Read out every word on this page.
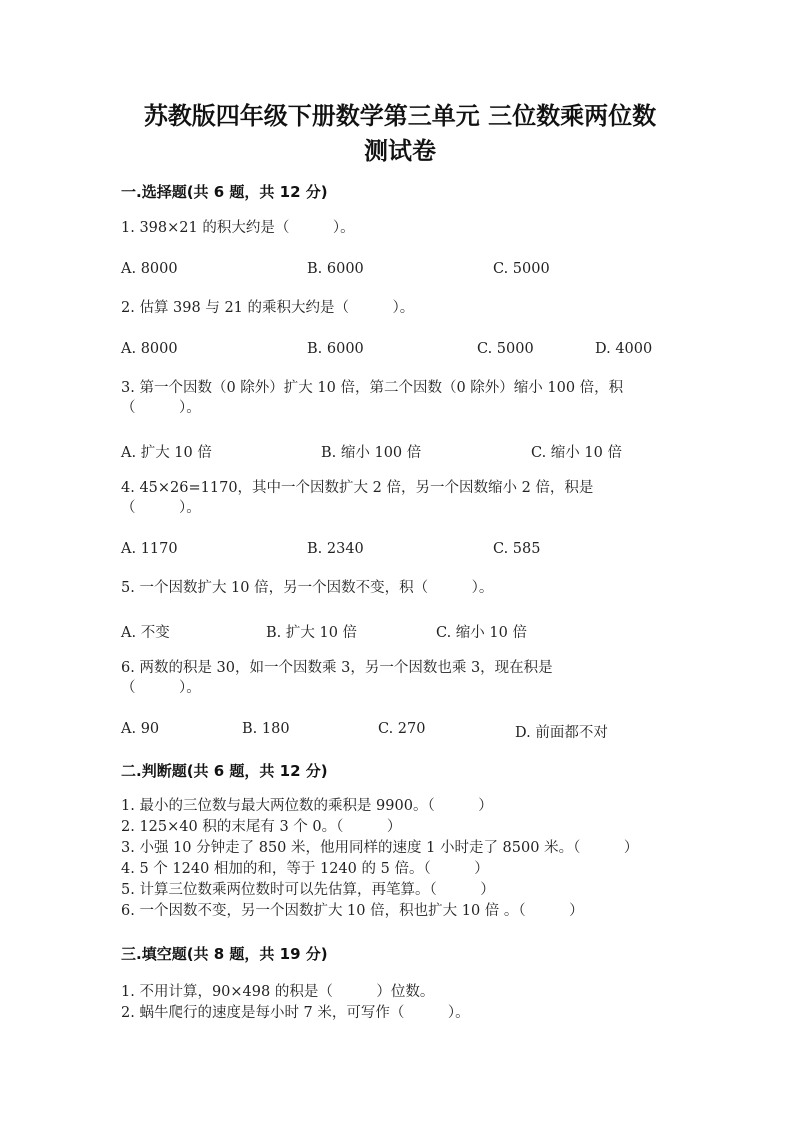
苏教版四年级下册数学第三单元 三位数乘两位数
测试卷
一.选择题(共 6 题，共 12 分)
1. 398×21 的积大约是（　　　）。
A. 8000	B. 6000	C. 5000
2. 估算 398 与 21 的乘积大约是（　　　）。
A. 8000	B. 6000	C. 5000	D. 4000
3. 第一个因数（0 除外）扩大 10 倍，第二个因数（0 除外）缩小 100 倍，积
（　　　）。
A. 扩大 10 倍	B. 缩小 100 倍	C. 缩小 10 倍
4. 45×26=1170，其中一个因数扩大 2 倍，另一个因数缩小 2 倍，积是
（　　　）。
A. 1170	B. 2340	C. 585
5. 一个因数扩大 10 倍，另一个因数不变，积（　　　）。
A. 不变	B. 扩大 10 倍	C. 缩小 10 倍
6. 两数的积是 30，如一个因数乘 3，另一个因数也乘 3，现在积是
（　　　）。
A. 90	B. 180	C. 270	D. 前面都不对
二.判断题(共 6 题，共 12 分)
1. 最小的三位数与最大两位数的乘积是 9900。（　　　）
2. 125×40 积的末尾有 3 个 0。（　　　）
3. 小强 10 分钟走了 850 米，他用同样的速度 1 小时走了 8500 米。（　　　）
4. 5 个 1240 相加的和，等于 1240 的 5 倍。（　　　）
5. 计算三位数乘两位数时可以先估算，再笔算。（　　　）
6. 一个因数不变，另一个因数扩大 10 倍，积也扩大 10 倍 。（　　　）
三.填空题(共 8 题，共 19 分)
1. 不用计算，90×498 的积是（　　　）位数。
2. 蜗牛爬行的速度是每小时 7 米，可写作（　　　）。
